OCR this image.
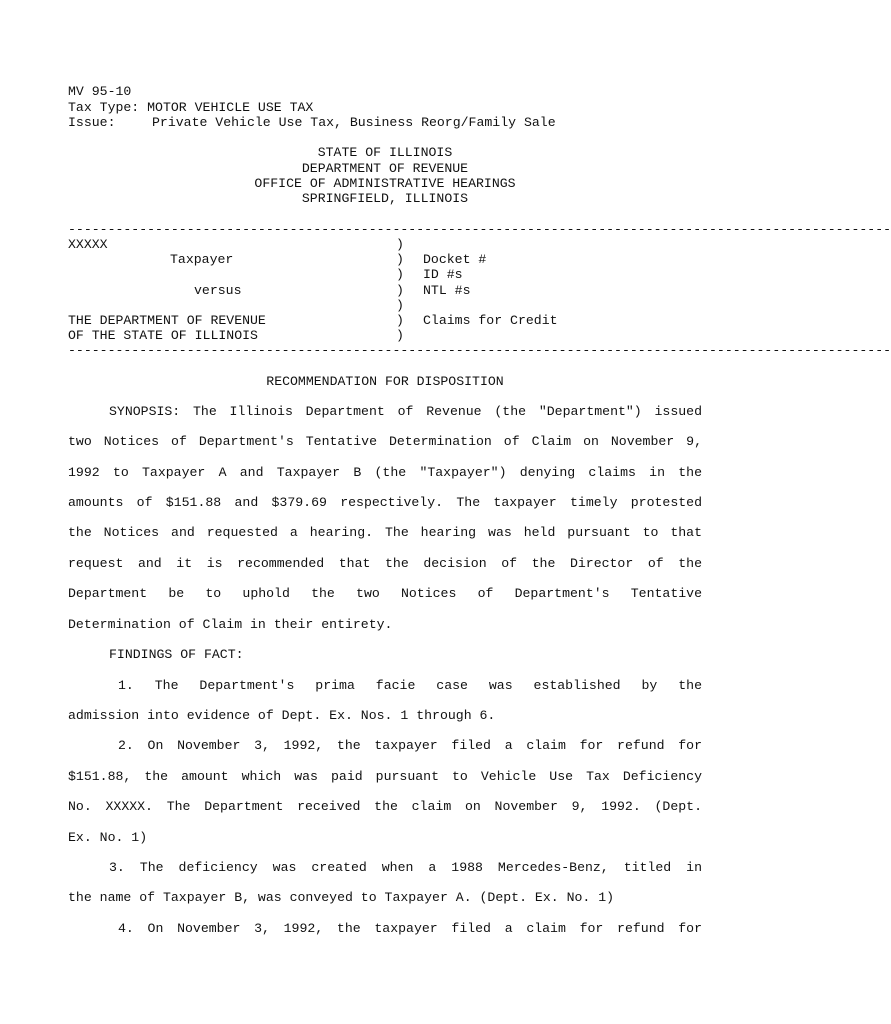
MV 95-10
Tax Type: MOTOR VEHICLE USE TAX
Issue:	Private Vehicle Use Tax, Business Reorg/Family Sale
STATE OF ILLINOIS
DEPARTMENT OF REVENUE
OFFICE OF ADMINISTRATIVE HEARINGS
SPRINGFIELD, ILLINOIS
--------------------------------------------------------------------------------------------------------
XXXXX
Taxpayer
versus
THE DEPARTMENT OF REVENUE
OF THE STATE OF ILLINOIS
)
)
)
)
)
)
)
Docket #
ID #s
NTL #s
Claims for Credit
--------------------------------------------------------------------------------------------------------
RECOMMENDATION FOR DISPOSITION
SYNOPSIS: The Illinois Department of Revenue (the "Department") issued
two Notices of Department's Tentative Determination of Claim on November 9,
1992 to Taxpayer A and Taxpayer B (the "Taxpayer") denying claims in the
amounts of $151.88 and $379.69 respectively. The taxpayer timely protested
the Notices and requested a hearing. The hearing was held pursuant to that
request and it is recommended that the decision of the Director of the
Department be to uphold the two Notices of Department's Tentative
Determination of Claim in their entirety.
FINDINGS OF FACT:
1. The Department's prima facie case was established by the
admission into evidence of Dept. Ex. Nos. 1 through 6.
2. On November 3, 1992, the taxpayer filed a claim for refund for
$151.88, the amount which was paid pursuant to Vehicle Use Tax Deficiency
No. XXXXX. The Department received the claim on November 9, 1992. (Dept.
Ex. No. 1)
3. The deficiency was created when a 1988 Mercedes-Benz, titled in
the name of Taxpayer B, was conveyed to Taxpayer A. (Dept. Ex. No. 1)
4. On November 3, 1992, the taxpayer filed a claim for refund for
